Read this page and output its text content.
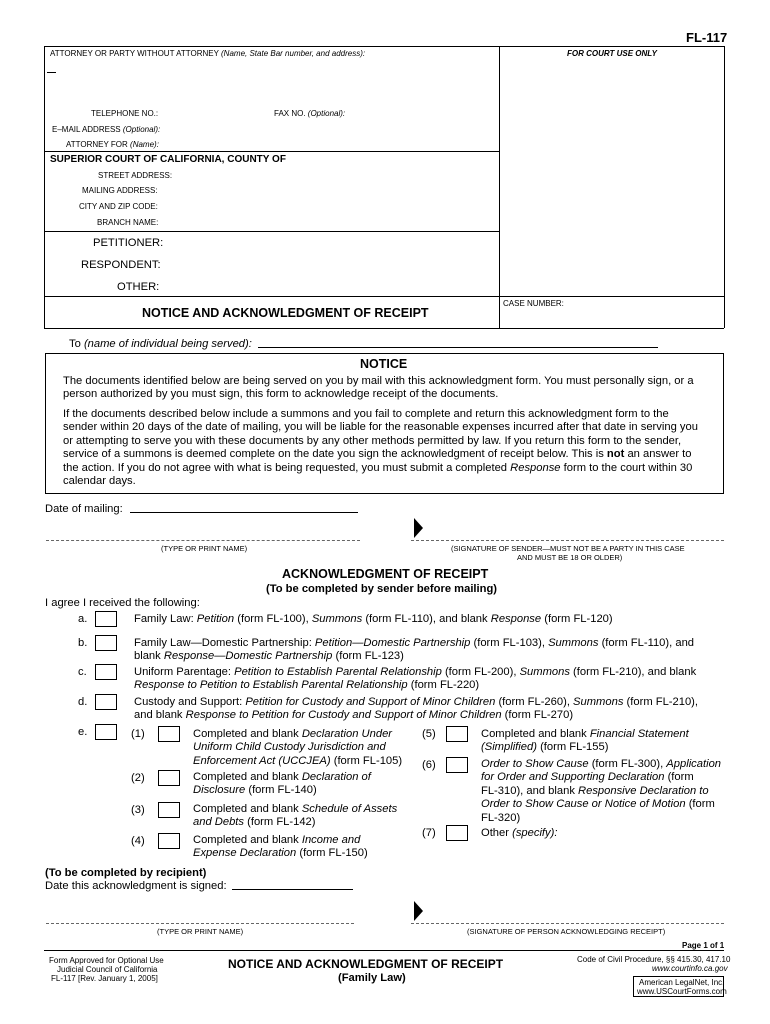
FL-117
ATTORNEY OR PARTY WITHOUT ATTORNEY (Name, State Bar number, and address):	FOR COURT USE ONLY
TELEPHONE NO.:	FAX NO. (Optional):
E–MAIL ADDRESS (Optional):
ATTORNEY FOR (Name):
SUPERIOR COURT OF CALIFORNIA, COUNTY OF
STREET ADDRESS:
MAILING ADDRESS:
CITY AND ZIP CODE:
BRANCH NAME:
PETITIONER:
RESPONDENT:
OTHER:
NOTICE AND ACKNOWLEDGMENT OF RECEIPT
CASE NUMBER:
To (name of individual being served):
NOTICE

The documents identified below are being served on you by mail with this acknowledgment form. You must personally sign, or a

person authorized by you must sign, this form to acknowledge receipt of the documents.

If the documents described below include a summons and you fail to complete and return this acknowledgment form to the

sender within 20 days of the date of mailing, you will be liable for the reasonable expenses incurred after that date in serving you

or attempting to serve you with these documents by any other methods permitted by law. If you return this form to the sender,

service of a summons is deemed complete on the date you sign the acknowledgment of receipt below. This is not an answer to

the action. If you do not agree with what is being requested, you must submit a completed Response form to the court within 30

calendar days.

Date of mailing:
(TYPE OR PRINT NAME)	(SIGNATURE OF SENDER—MUST NOT BE A PARTY IN THIS CASE
AND MUST BE 18 OR OLDER)
ACKNOWLEDGMENT OF RECEIPT
(To be completed by sender before mailing)
I agree I received the following:
a.	Family Law: Petition (form FL-100), Summons (form FL-110), and blank Response (form FL-120)
b.	Family Law—Domestic Partnership: Petition—Domestic Partnership (form FL-103), Summons (form FL-110), and

blank Response—Domestic Partnership (form FL-123)

c.	Uniform Parentage: Petition to Establish Parental Relationship (form FL-200), Summons (form FL-210), and blank

Response to Petition to Establish Parental Relationship (form FL-220)

d.	Custody and Support: Petition for Custody and Support of Minor Children (form FL-260), Summons (form FL-210),

and blank Response to Petition for Custody and Support of Minor Children (form FL-270)

e.	(1)	Completed and blank Declaration Under

Uniform Child Custody Jurisdiction and

Enforcement Act (UCCJEA) (form FL-105)

(2)	Completed and blank Declaration of

Disclosure (form FL-140)

(3)	Completed and blank Schedule of Assets

and Debts (form FL-142)

(4)	Completed and blank Income and

Expense Declaration (form FL-150)

(5)	Completed and blank Financial Statement

(Simplified) (form FL-155)

(6)	Order to Show Cause (form FL-300), Application

for Order and Supporting Declaration (form

FL-310), and blank Responsive Declaration to

Order to Show Cause or Notice of Motion (form

FL-320)

(7)	Other (specify):
(To be completed by recipient)
Date this acknowledgment is signed:
(TYPE OR PRINT NAME)	(SIGNATURE OF PERSON ACKNOWLEDGING RECEIPT)
Page 1 of 1
Form Approved for Optional Use
Judicial Council of California
FL-117 [Rev. January 1, 2005]
NOTICE AND ACKNOWLEDGMENT OF RECEIPT
(Family Law)
Code of Civil Procedure, §§ 415.30, 417.10
www.courtinfo.ca.gov
American LegalNet, Inc.
www.USCourtForms.com
